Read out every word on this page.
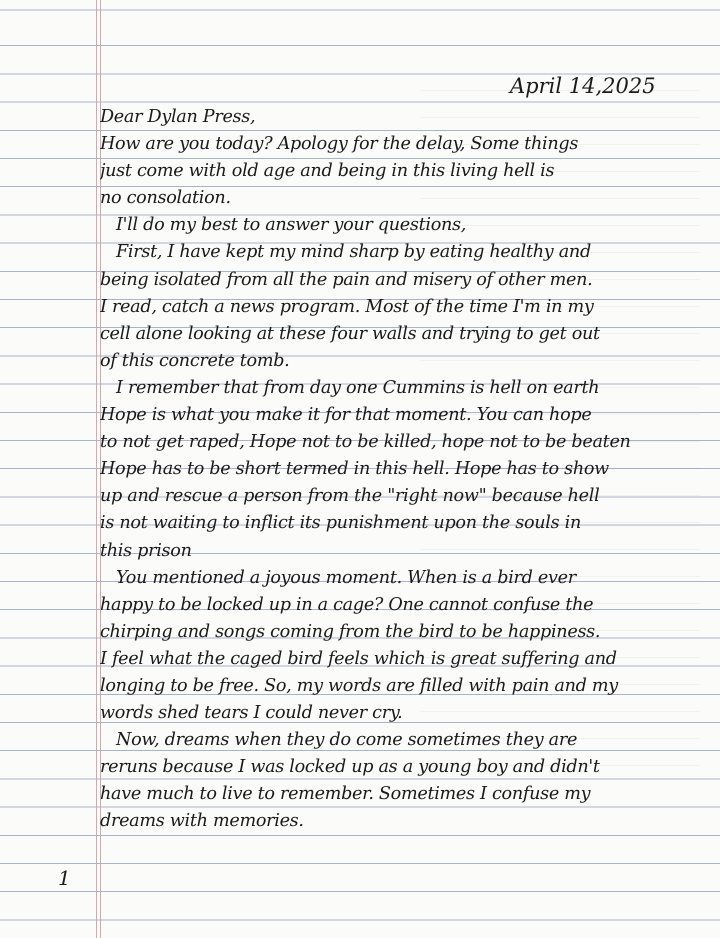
April 14,2025
Dear Dylan Press,
How are you today? Apology for the delay, Some things
just come with old age and being in this living hell is
no consolation.
I'll do my best to answer your questions,
First, I have kept my mind sharp by eating healthy and
being isolated from all the pain and misery of other men.
I read, catch a news program. Most of the time I'm in my
cell alone looking at these four walls and trying to get out
of this concrete tomb.
I remember that from day one Cummins is hell on earth
Hope is what you make it for that moment. You can hope
to not get raped, Hope not to be killed, hope not to be beaten
Hope has to be short termed in this hell. Hope has to show
up and rescue a person from the "right now" because hell
is not waiting to inflict its punishment upon the souls in
this prison
You mentioned a joyous moment. When is a bird ever
happy to be locked up in a cage? One cannot confuse the
chirping and songs coming from the bird to be happiness.
I feel what the caged bird feels which is great suffering and
longing to be free. So, my words are filled with pain and my
words shed tears I could never cry.
Now, dreams when they do come sometimes they are
reruns because I was locked up as a young boy and didn't
have much to live to remember. Sometimes I confuse my
dreams with memories.
1
